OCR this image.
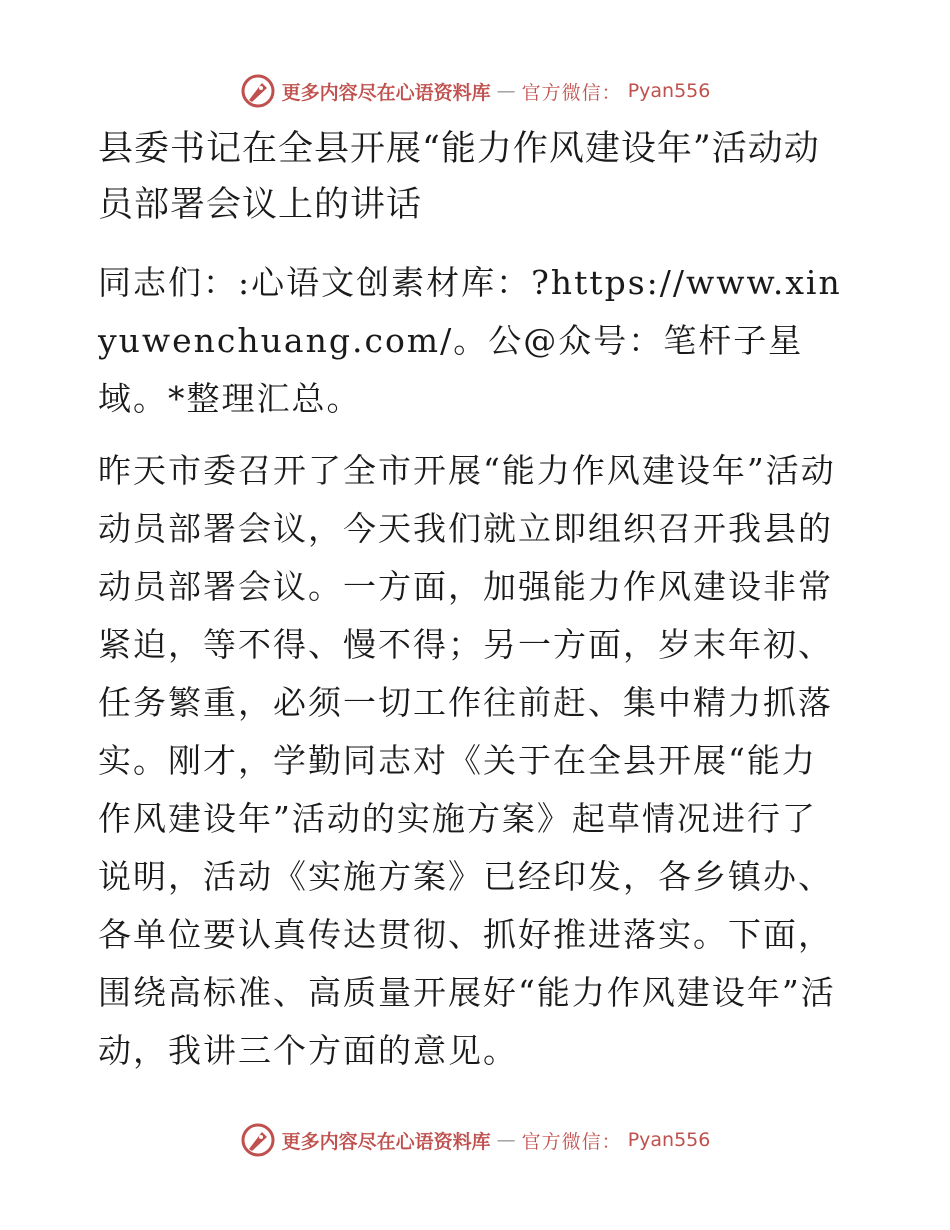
更多内容尽在心语资料库 — 官方微信： Pyan556
县委书记在全县开展“能力作风建设年”活动动员部署会议上的讲话

同志们：:心语文创素材库：?https://www.xinyuwenchuang.com/。公@众号：笔杆子星域。*整理汇总。

昨天市委召开了全市开展“能力作风建设年”活动动员部署会议，今天我们就立即组织召开我县的动员部署会议。一方面，加强能力作风建设非常紧迫，等不得、慢不得；另一方面，岁末年初、任务繁重，必须一切工作往前赶、集中精力抓落实。刚才，学勤同志对《关于在全县开展“能力作风建设年”活动的实施方案》起草情况进行了说明，活动《实施方案》已经印发，各乡镇办、各单位要认真传达贯彻、抓好推进落实。下面，围绕高标准、高质量开展好“能力作风建设年”活动，我讲三个方面的意见。

更多内容尽在心语资料库 — 官方微信： Pyan556
